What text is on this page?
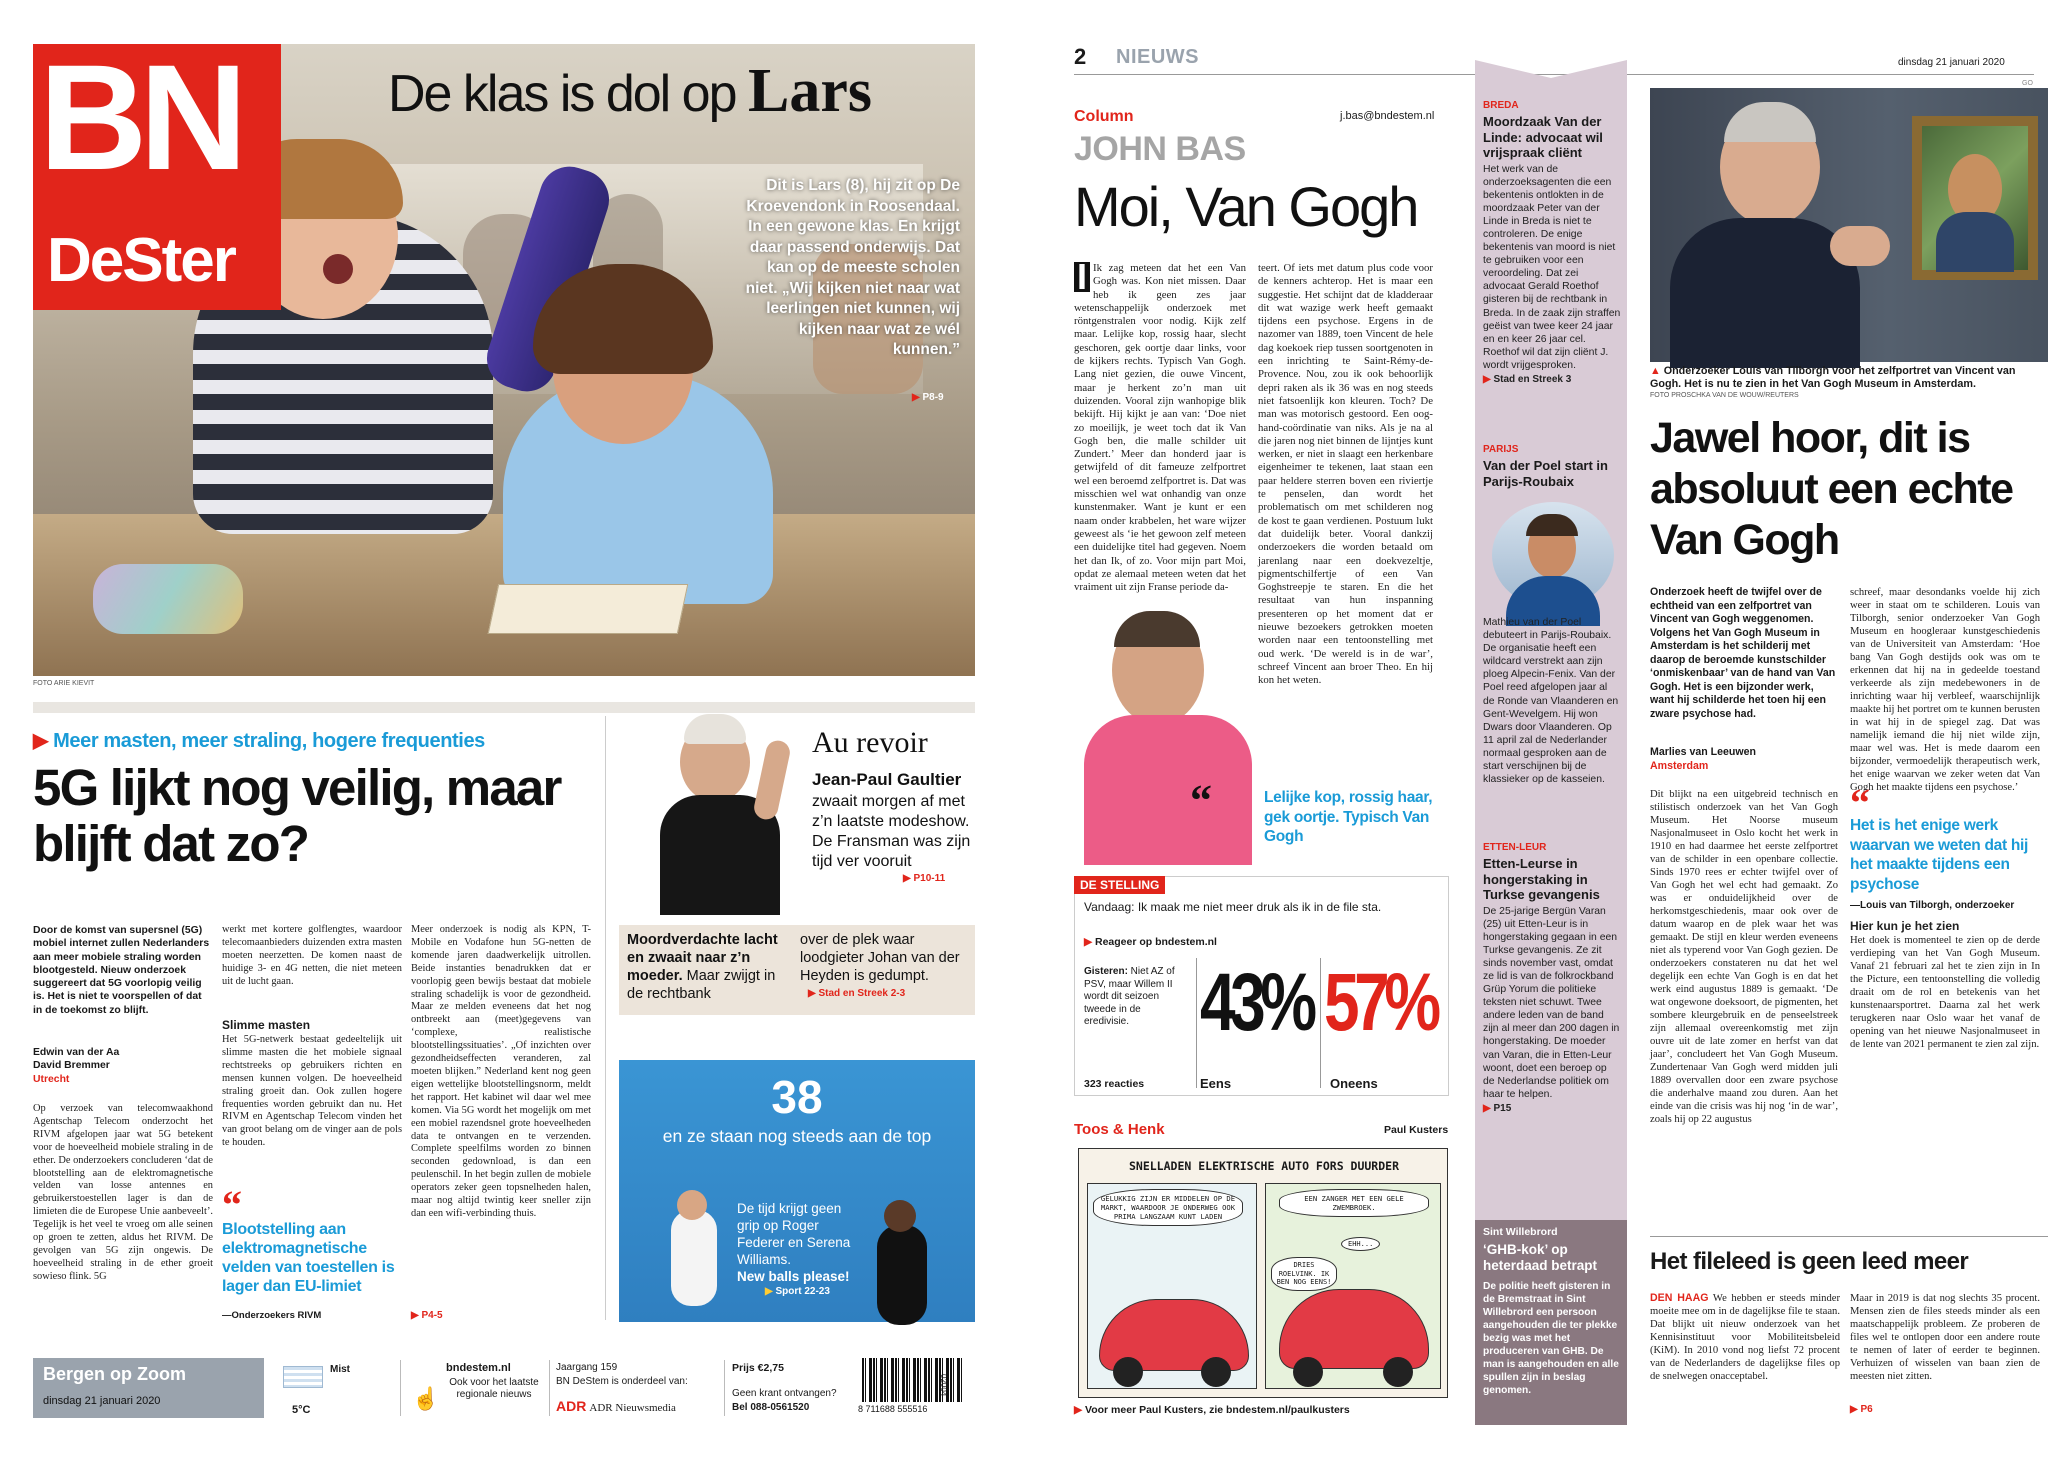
BN
DeSter
De klas is dol op Lars
Dit is Lars (8), hij zit op De Kroevendonk in Roosendaal. In een gewone klas. En krijgt daar passend onderwijs. Dat kan op de meeste scholen niet. „Wij kijken niet naar wat leerlingen niet kunnen, wij kijken naar wat ze wél kunnen.”
▶ P8-9
FOTO ARIE KIEVIT
▶ Meer masten, meer straling, hogere frequenties
5G lijkt nog veilig, maar blijft dat zo?
Door de komst van supersnel (5G) mobiel internet zullen Nederlanders aan meer mobiele straling worden blootgesteld. Nieuw onderzoek suggereert dat 5G voorlopig veilig is. Het is niet te voorspellen of dat in de toekomst zo blijft.
Edwin van der Aa
David Bremmer
Utrecht
Op verzoek van telecomwaakhond Agentschap Telecom onderzocht het RIVM afgelopen jaar wat 5G betekent voor de hoeveelheid mobiele straling in de ether. De onderzoekers concluderen ‘dat de blootstelling aan de elektromagnetische velden van losse antennes en gebruikerstoestellen lager is dan de limieten die de Europese Unie aanbeveelt’. Tegelijk is het veel te vroeg om alle seinen op groen te zetten, aldus het RIVM. De gevolgen van 5G zijn ongewis. De hoeveelheid straling in de ether groeit sowieso flink. 5G
werkt met kortere golflengtes, waardoor telecomaanbieders duizenden extra masten moeten neerzetten. De komen naast de huidige 3- en 4G netten, die niet meteen uit de lucht gaan.
Slimme masten
Het 5G-netwerk bestaat gedeeltelijk uit slimme masten die het mobiele signaal rechtstreeks op gebruikers richten en mensen kunnen volgen. De hoeveelheid straling groeit dan. Ook zullen hogere frequenties worden gebruikt dan nu. Het RIVM en Agentschap Telecom vinden het van groot belang om de vinger aan de pols te houden.
“
Blootstelling aan elektromagnetische velden van toestellen is lager dan EU-limiet
—Onderzoekers RIVM
Meer onderzoek is nodig als KPN, T-Mobile en Vodafone hun 5G-netten de komende jaren daadwerkelijk uitrollen. Beide instanties benadrukken dat er voorlopig geen bewijs bestaat dat mobiele straling schadelijk is voor de gezondheid. Maar ze melden eveneens dat het nog ontbreekt aan (meet)gegevens van ‘complexe, realistische blootstellingssituaties’. „Of inzichten over gezondheidseffecten veranderen, zal moeten blijken.” Nederland kent nog geen eigen wettelijke blootstellingsnorm, meldt het rapport. Het kabinet wil daar wel mee komen. Via 5G wordt het mogelijk om met een mobiel razendsnel grote hoeveelheden data te ontvangen en te verzenden. Complete speelfilms worden zo binnen seconden gedownload, is dan een peulenschil. In het begin zullen de mobiele operators zeker geen topsnelheden halen, maar nog altijd twintig keer sneller zijn dan een wifi-verbinding thuis.
▶ P4-5
Au revoir
Jean-Paul Gaultier
zwaait morgen af met z’n laatste modeshow. De Fransman was zijn tijd ver vooruit
▶ P10-11
Moordverdachte lacht en zwaait naar z’n moeder. Maar zwijgt in de rechtbank
over de plek waar loodgieter Johan van der Heyden is gedumpt.
▶ Stad en Streek 2-3
38
en ze staan nog steeds aan de top
De tijd krijgt geen grip op Roger Federer en Serena Williams.
New balls please!
▶ Sport 22-23
Bergen op Zoom
dinsdag 21 januari 2020
Mist
5°C	☝
bndestem.nl
Ook voor het laatste regionale nieuws
Jaargang 159
BN DeStem is onderdeel van:
ADR ADR Nieuwsmedia
Prijs €2,75
Geen krant ontvangen?
Bel 088-0561520	8 711688 555516
02004
2 NIEUWS	dinsdag 21 januari 2020
GO
Column	j.bas@bndestem.nl
JOHN BAS
Moi, Van Gogh
I Ik zag meteen dat het een Van Gogh was. Kon niet missen. Daar heb ik geen zes jaar wetenschappelijk onderzoek met röntgenstralen voor nodig. Kijk zelf maar. Lelijke kop, rossig haar, slecht geschoren, gek oortje daar links, voor de kijkers rechts. Typisch Van Gogh. Lang niet gezien, die ouwe Vincent, maar je herkent zo’n man uit duizenden. Vooral zijn wanhopige blik bekijft. Hij kijkt je aan van: ‘Doe niet zo moeilijk, je weet toch dat ik Van Gogh ben, die malle schilder uit Zundert.’ Meer dan honderd jaar is getwijfeld of dit fameuze zelfportret wel een beroemd zelfportret is. Dat was misschien wel wat onhandig van onze kunstenmaker. Want je kunt er een naam onder krabbelen, het ware wijzer geweest als ‘ie het gewoon zelf meteen een duidelijke titel had gegeven. Noem het dan Ik, of zo. Voor mijn part Moi, opdat ze alemaal meteen weten dat het vraiment uit zijn Franse periode da-
teert. Of iets met datum plus code voor de kenners achterop. Het is maar een suggestie. Het schijnt dat de kladderaar dit wat wazige werk heeft gemaakt tijdens een psychose. Ergens in de nazomer van 1889, toen Vincent de hele dag koekoek riep tussen soortgenoten in een inrichting te Saint-Rémy-de-Provence. Nou, zou ik ook behoorlijk depri raken als ik 36 was en nog steeds niet fatsoenlijk kon kleuren. Toch? De man was motorisch gestoord. Een oog-hand-coördinatie van niks. Als je na al die jaren nog niet binnen de lijntjes kunt werken, er niet in slaagt een herkenbare eigenheimer te tekenen, laat staan een paar heldere sterren boven een riviertje te penselen, dan wordt het problematisch om met schilderen nog de kost te gaan verdienen. Postuum lukt dat duidelijk beter. Vooral dankzij onderzoekers die worden betaald om jarenlang naar een doekvezeltje, pigmentschilfertje of een Van Goghstreepje te staren. En die het resultaat van hun inspanning presenteren op het moment dat er nieuwe bezoekers getrokken moeten worden naar een tentoonstelling met oud werk. ‘De wereld is in de war’, schreef Vincent aan broer Theo. En hij kon het weten.
“	Lelijke kop, rossig haar, gek oortje. Typisch Van Gogh
DE STELLING
Vandaag: Ik maak me niet meer druk als ik in de file sta.
▶ Reageer op bndestem.nl
Gisteren: Niet AZ of PSV, maar Willem II wordt dit seizoen tweede in de eredivisie.
323 reacties
43%
Eens
57%
Oneens
Toos & Henk	Paul Kusters
SNELLADEN ELEKTRISCHE AUTO FORS DUURDER
GELUKKIG ZIJN ER MIDDELEN OP DE MARKT, WAARDOOR JE ONDERWEG OOK PRIMA LANGZAAM KUNT LADEN
EEN ZANGER MET EEN GELE ZWEMBROEK.
EHH...
DRIES ROELVINK. IK BEN NOG EENS!
▶ Voor meer Paul Kusters, zie bndestem.nl/paulkusters
BREDA
Moordzaak Van der Linde: advocaat wil vrijspraak cliënt
Het werk van de onderzoeksagenten die een bekentenis ontlokten in de moordzaak Peter van der Linde in Breda is niet te controleren. De enige bekentenis van moord is niet te gebruiken voor een veroordeling. Dat zei advocaat Gerald Roethof gisteren bij de rechtbank in Breda. In de zaak zijn straffen geëist van twee keer 24 jaar en en keer 26 jaar cel. Roethof wil dat zijn cliënt J. wordt vrijgesproken.
▶ Stad en Streek 3
PARIJS
Van der Poel start in Parijs-Roubaix
Mathieu van der Poel debuteert in Parijs-Roubaix. De organisatie heeft een wildcard verstrekt aan zijn ploeg Alpecin-Fenix. Van der Poel reed afgelopen jaar al de Ronde van Vlaanderen en Gent-Wevelgem. Hij won Dwars door Vlaanderen. Op 11 april zal de Nederlander normaal gesproken aan de start verschijnen bij de klassieker op de kasseien.
ETTEN-LEUR
Etten-Leurse in hongerstaking in Turkse gevangenis
De 25-jarige Bergün Varan (25) uit Etten-Leur is in hongerstaking gegaan in een Turkse gevangenis. Ze zit sinds november vast, omdat ze lid is van de folkrockband Grüp Yorum die politieke teksten niet schuwt. Twee andere leden van de band zijn al meer dan 200 dagen in hongerstaking. De moeder van Varan, die in Etten-Leur woont, doet een beroep op de Nederlandse politiek om haar te helpen.
▶ P15
Sint Willebrord
‘GHB-kok’ op heterdaad betrapt
De politie heeft gisteren in de Bremstraat in Sint Willebrord een persoon aangehouden die ter plekke bezig was met het produceren van GHB. De man is aangehouden en alle spullen zijn in beslag genomen.
▲ Onderzoeker Louis van Tilborgh voor het zelfportret van Vincent van Gogh. Het is nu te zien in het Van Gogh Museum in Amsterdam.
FOTO PROSCHKA VAN DE WOUW/REUTERS
Jawel hoor, dit is absoluut een echte Van Gogh
Onderzoek heeft de twijfel over de echtheid van een zelfportret van Vincent van Gogh weggenomen. Volgens het Van Gogh Museum in Amsterdam is het schilderij met daarop de beroemde kunstschilder ‘onmiskenbaar’ van de hand van Van Gogh. Het is een bijzonder werk, want hij schilderde het toen hij een zware psychose had.
Marlies van Leeuwen
Amsterdam
Dit blijkt na een uitgebreid technisch en stilistisch onderzoek van het Van Gogh Museum. Het Noorse museum Nasjonalmuseet in Oslo kocht het werk in 1910 en had daarmee het eerste zelfportret van de schilder in een openbare collectie. Sinds 1970 rees er echter twijfel over of Van Gogh het wel echt had gemaakt. Zo was er onduidelijkheid over de herkomstgeschiedenis, maar ook over de datum waarop en de plek waar het was gemaakt. De stijl en kleur werden eveneens niet als typerend voor Van Gogh gezien. De onderzoekers constateren nu dat het wel degelijk een echte Van Gogh is en dat het werk eind augustus 1889 is gemaakt. ‘De wat ongewone doeksoort, de pigmenten, het sombere kleurgebruik en de penseelstreek zijn allemaal overeenkomstig met zijn ouvre uit de late zomer en herfst van dat jaar’, concludeert het Van Gogh Museum. Zundertenaar Van Gogh werd midden juli 1889 overvallen door een zware psychose die anderhalve maand zou duren. Aan het einde van die crisis was hij nog ‘in de war’, zoals hij op 22 augustus
schreef, maar desondanks voelde hij zich weer in staat om te schilderen. Louis van Tilborgh, senior onderzoeker Van Gogh Museum en hoogleraar kunstgeschiedenis van de Universiteit van Amsterdam: ‘Hoe bang Van Gogh destijds ook was om te erkennen dat hij na in gedeelde toestand verkeerde als zijn medebewoners in de inrichting waar hij verbleef, waarschijnlijk maakte hij het portret om te kunnen berusten in wat hij in de spiegel zag. Dat was namelijk iemand die hij niet wilde zijn, maar wel was. Het is mede daarom een bijzonder, vermoedelijk therapeutisch werk, het enige waarvan we zeker weten dat Van Gogh het maakte tijdens een psychose.’
“
Het is het enige werk waarvan we weten dat hij het maakte tijdens een psychose
—Louis van Tilborgh, onderzoeker
Hier kun je het zien
Het doek is momenteel te zien op de derde verdieping van het Van Gogh Museum. Vanaf 21 februari zal het te zien zijn in In the Picture, een tentoonstelling die volledig draait om de rol en betekenis van het kunstenaarsportret. Daarna zal het werk terugkeren naar Oslo waar het vanaf de opening van het nieuwe Nasjonalmuseet in de lente van 2021 permanent te zien zal zijn.
Het fileleed is geen leed meer
DEN HAAG We hebben er steeds minder moeite mee om in de dagelijkse file te staan. Dat blijkt uit nieuw onderzoek van het Kennisinstituut voor Mobiliteitsbeleid (KiM). In 2010 vond nog liefst 72 procent van de Nederlanders de dagelijkse files op de snelwegen onacceptabel.
Maar in 2019 is dat nog slechts 35 procent. Mensen zien de files steeds minder als een maatschappelijk probleem. Ze proberen de files wel te ontlopen door een andere route te nemen of later of eerder te beginnen. Verhuizen of wisselen van baan zien de meesten niet zitten.
▶ P6
